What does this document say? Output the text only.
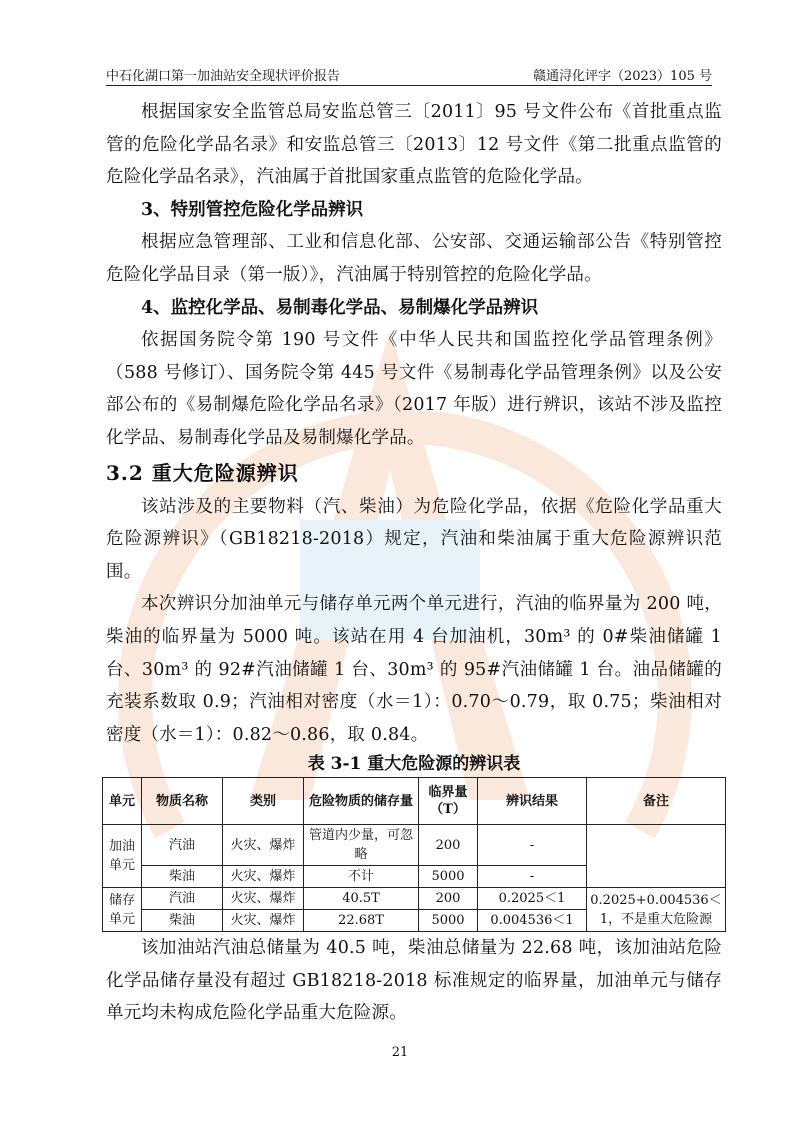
中石化湖口第一加油站安全现状评价报告	赣通浔化评字（2023）105 号

根据国家安全监管总局安监总管三〔2011〕95 号文件公布《首批重点监管的危险化学品名录》和安监总管三〔2013〕12 号文件《第二批重点监管的危险化学品名录》，汽油属于首批国家重点监管的危险化学品。

3、特别管控危险化学品辨识

根据应急管理部、工业和信息化部、公安部、交通运输部公告《特别管控危险化学品目录（第一版）》，汽油属于特别管控的危险化学品。

4、监控化学品、易制毒化学品、易制爆化学品辨识

依据国务院令第 190 号文件《中华人民共和国监控化学品管理条例》（588 号修订）、国务院令第 445 号文件《易制毒化学品管理条例》以及公安部公布的《易制爆危险化学品名录》（2017 年版）进行辨识，该站不涉及监控化学品、易制毒化学品及易制爆化学品。

3.2 重大危险源辨识

该站涉及的主要物料（汽、柴油）为危险化学品，依据《危险化学品重大危险源辨识》（GB18218-2018）规定，汽油和柴油属于重大危险源辨识范围。

本次辨识分加油单元与储存单元两个单元进行，汽油的临界量为 200 吨，柴油的临界量为 5000 吨。该站在用 4 台加油机，30m³ 的 0#柴油储罐 1 台、30m³ 的 92#汽油储罐 1 台、30m³ 的 95#汽油储罐 1 台。油品储罐的充装系数取 0.9；汽油相对密度（水＝1）：0.70～0.79，取 0.75；柴油相对密度（水＝1）：0.82～0.86，取 0.84。

表 3-1 重大危险源的辨识表

单元	物质名称	类别	危险物质的储存量	临界量（T）	辨识结果	备注
加油单元	汽油	火灾、爆炸	管道内少量，可忽略	200	-	
	柴油	火灾、爆炸	不计	5000	-	
储存单元	汽油	火灾、爆炸	40.5T	200	0.2025＜1	0.2025+0.004536＜1，不是重大危险源
	柴油	火灾、爆炸	22.68T	5000	0.004536＜1	

该加油站汽油总储量为 40.5 吨，柴油总储量为 22.68 吨，该加油站危险化学品储存量没有超过 GB18218-2018 标准规定的临界量，加油单元与储存单元均未构成危险化学品重大危险源。

21
